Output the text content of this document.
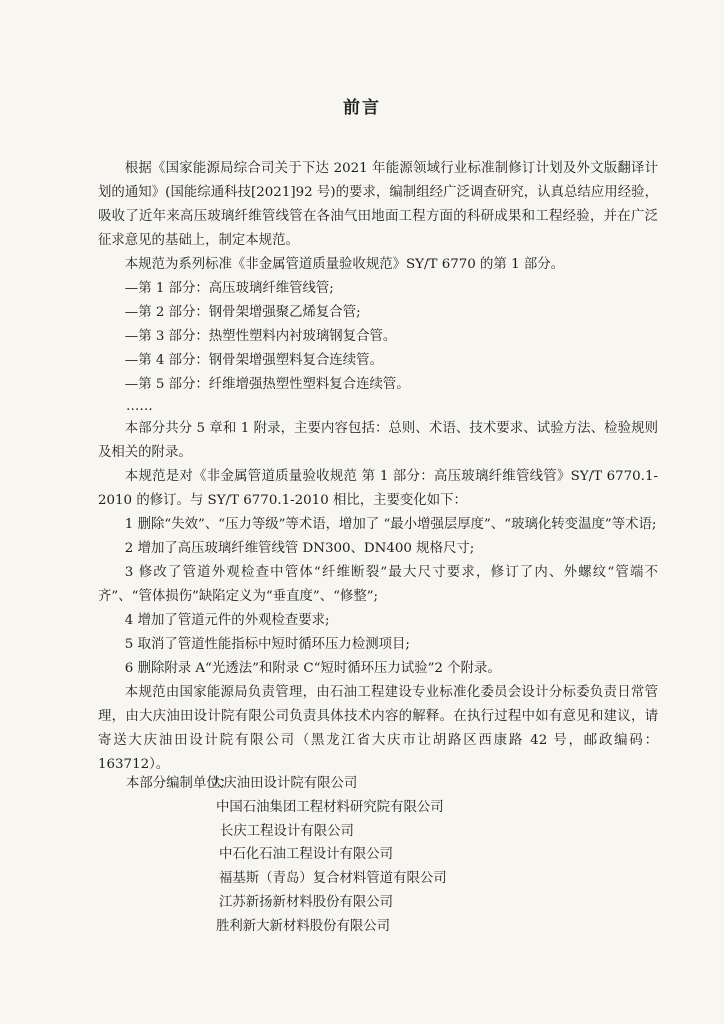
前言

根据《国家能源局综合司关于下达 2021 年能源领域行业标准制修订计划及外文版翻译计划的通知》(国能综通科技[2021]92 号)的要求，编制组经广泛调查研究，认真总结应用经验，吸收了近年来高压玻璃纤维管线管在各油气田地面工程方面的科研成果和工程经验，并在广泛征求意见的基础上，制定本规范。

本规范为系列标准《非金属管道质量验收规范》SY/T 6770 的第 1 部分。

—第 1 部分：高压玻璃纤维管线管;

—第 2 部分：钢骨架增强聚乙烯复合管;

—第 3 部分：热塑性塑料内衬玻璃钢复合管。

—第 4 部分：钢骨架增强塑料复合连续管。

—第 5 部分：纤维增强热塑性塑料复合连续管。

……

本部分共分 5 章和 1 附录，主要内容包括：总则、术语、技术要求、试验方法、检验规则及相关的附录。

本规范是对《非金属管道质量验收规范 第 1 部分：高压玻璃纤维管线管》SY/T 6770.1-2010 的修订。与 SY/T 6770.1-2010 相比，主要变化如下：

1 删除“失效”、“压力等级”等术语，增加了 “最小增强层厚度”、“玻璃化转变温度”等术语;

2 增加了高压玻璃纤维管线管 DN300、DN400 规格尺寸;

3 修改了管道外观检查中管体“纤维断裂”最大尺寸要求，修订了内、外螺纹“管端不齐”、“管体损伤”缺陷定义为“垂直度”、“修整”;

4 增加了管道元件的外观检查要求;

5 取消了管道性能指标中短时循环压力检测项目;

6 删除附录 A“光透法”和附录 C“短时循环压力试验”2 个附录。

本规范由国家能源局负责管理，由石油工程建设专业标准化委员会设计分标委负责日常管理，由大庆油田设计院有限公司负责具体技术内容的解释。在执行过程中如有意见和建议，请寄送大庆油田设计院有限公司（黑龙江省大庆市让胡路区西康路 42 号，邮政编码：163712）。

本部分编制单位：大庆油田设计院有限公司
中国石油集团工程材料研究院有限公司
长庆工程设计有限公司
中石化石油工程设计有限公司
福基斯（青岛）复合材料管道有限公司
江苏新扬新材料股份有限公司
胜利新大新材料股份有限公司
